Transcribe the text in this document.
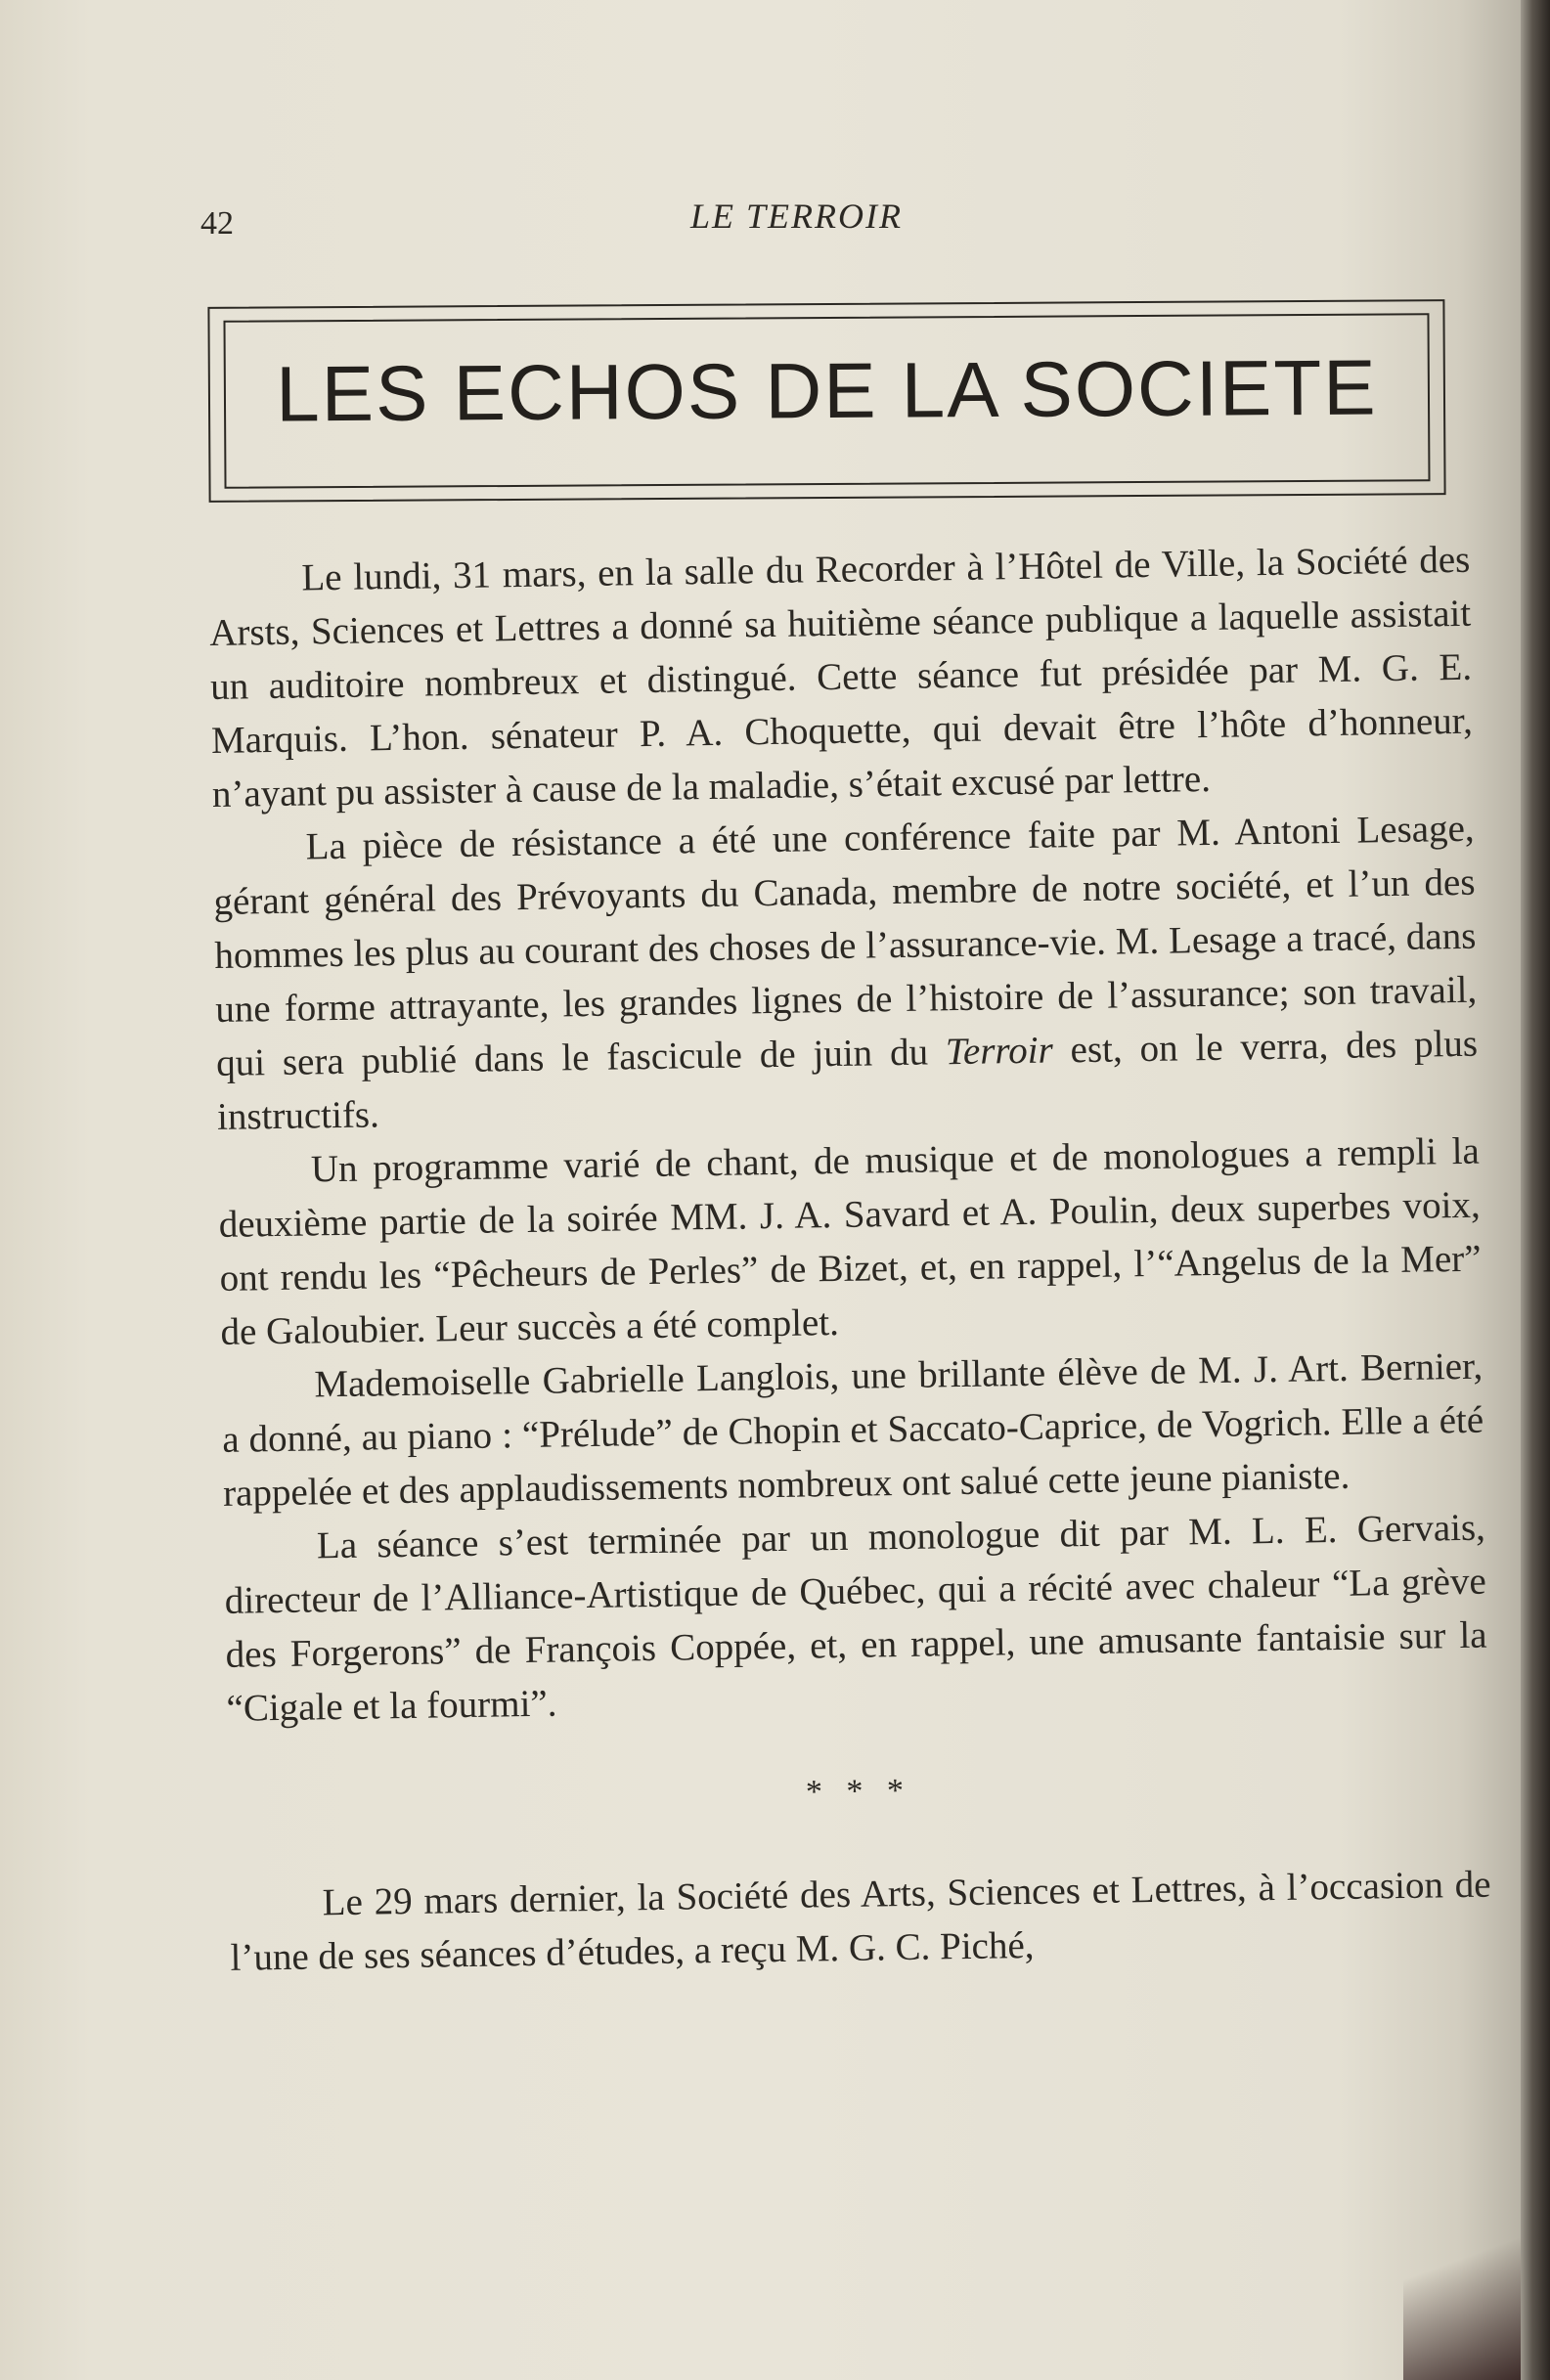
42	LE TERROIR
LES ECHOS DE LA SOCIETE

Le lundi, 31 mars, en la salle du Recorder à l’Hôtel de Ville, la Société des Arsts, Sciences et Lettres a donné sa huitième séance publique a laquelle assistait un auditoire nombreux et distingué. Cette séance fut présidée par M. G. E. Marquis. L’hon. sénateur P. A. Choquette, qui devait être l’hôte d’honneur, n’ayant pu assister à cause de la maladie, s’était excusé par lettre.

La pièce de résistance a été une conférence faite par M. Antoni Lesage, gérant général des Prévoyants du Canada, membre de notre société, et l’un des hommes les plus au courant des choses de l’assurance-vie. M. Lesage a tracé, dans une forme attrayante, les grandes lignes de l’histoire de l’assurance; son travail, qui sera publié dans le fascicule de juin du Terroir est, on le verra, des plus instructifs.

Un programme varié de chant, de musique et de monologues a rempli la deuxième partie de la soirée MM. J. A. Savard et A. Poulin, deux superbes voix, ont rendu les “Pêcheurs de Perles” de Bizet, et, en rappel, l’“Angelus de la Mer” de Galoubier. Leur succès a été complet.

Mademoiselle Gabrielle Langlois, une brillante élève de M. J. Art. Bernier, a donné, au piano : “Prélude” de Chopin et Saccato-Caprice, de Vogrich. Elle a été rappelée et des applaudissements nombreux ont salué cette jeune pianiste.

La séance s’est terminée par un monologue dit par M. L. E. Gervais, directeur de l’Alliance-Artistique de Québec, qui a récité avec chaleur “La grève des Forgerons” de François Coppée, et, en rappel, une amusante fantaisie sur la “Cigale et la fourmi”.

* * *

Le 29 mars dernier, la Société des Arts, Sciences et Lettres, à l’occasion de l’une de ses séances d’études, a reçu M. G. C. Piché,
